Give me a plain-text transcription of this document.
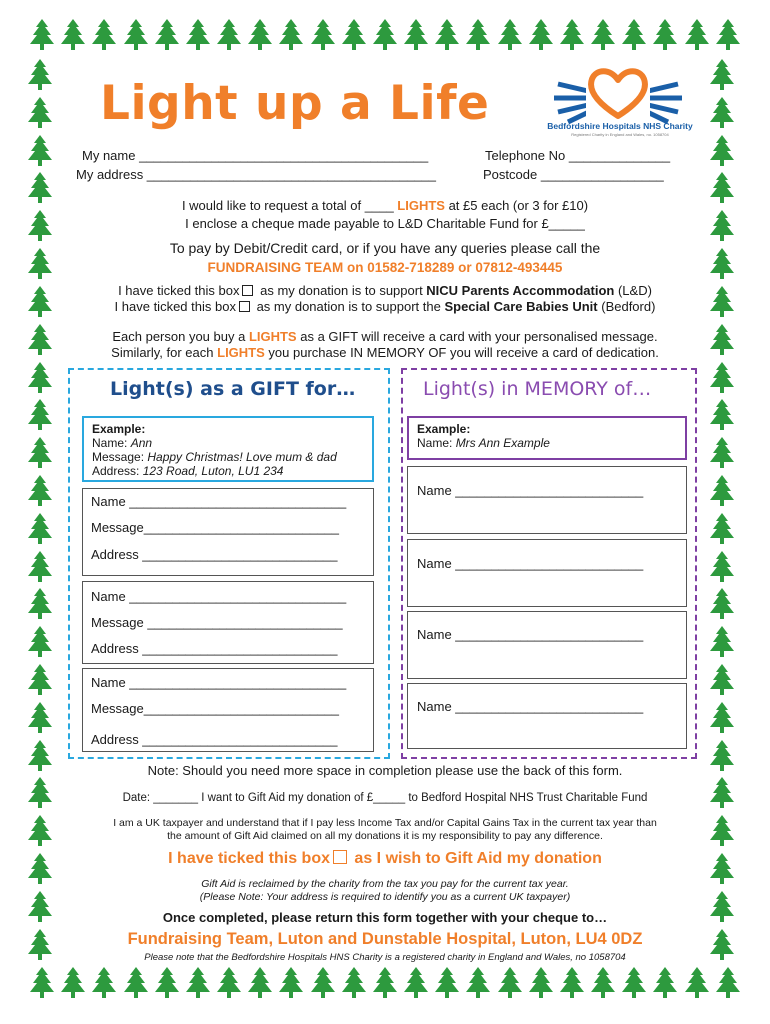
Light up a Life	Bedfordshire Hospitals NHS Charity
Registered Charity in England and Wales, no. 1058704
My name ________________________________________	Telephone No ______________
My address ________________________________________	Postcode _________________
I would like to request a total of ____ LIGHTS at £5 each (or 3 for £10)
I enclose a cheque made payable to L&D Charitable Fund for £_____
To pay by Debit/Credit card, or if you have any queries please call the
FUNDRAISING TEAM on 01582-718289 or 07812-493445
I have ticked this box as my donation is to support NICU Parents Accommodation (L&D)
I have ticked this box as my donation is to support the Special Care Babies Unit (Bedford)
Each person you buy a LIGHTS as a GIFT will receive a card with your personalised message.
Similarly, for each LIGHTS you purchase IN MEMORY OF you will receive a card of dedication.
Light(s) as a GIFT for…	Light(s) in MEMORY of…
Example:
Name: Ann
Message: Happy Christmas! Love mum & dad
Address: 123 Road, Luton, LU1 234
Name ______________________________
Message___________________________
Address ___________________________
Name ______________________________
Message ___________________________
Address ___________________________
Name ______________________________
Message___________________________
Address ___________________________
Example:
Name: Mrs Ann Example
Name __________________________
Name __________________________
Name __________________________
Name __________________________
Note: Should you need more space in completion please use the back of this form.
Date: _______ I want to Gift Aid my donation of £_____ to Bedford Hospital NHS Trust Charitable Fund
I am a UK taxpayer and understand that if I pay less Income Tax and/or Capital Gains Tax in the current tax year than
the amount of Gift Aid claimed on all my donations it is my responsibility to pay any difference.
I have ticked this box as I wish to Gift Aid my donation
Gift Aid is reclaimed by the charity from the tax you pay for the current tax year.
(Please Note: Your address is required to identify you as a current UK taxpayer)
Once completed, please return this form together with your cheque to…
Fundraising Team, Luton and Dunstable Hospital, Luton, LU4 0DZ
Please note that the Bedfordshire Hospitals HNS Charity is a registered charity in England and Wales, no 1058704
